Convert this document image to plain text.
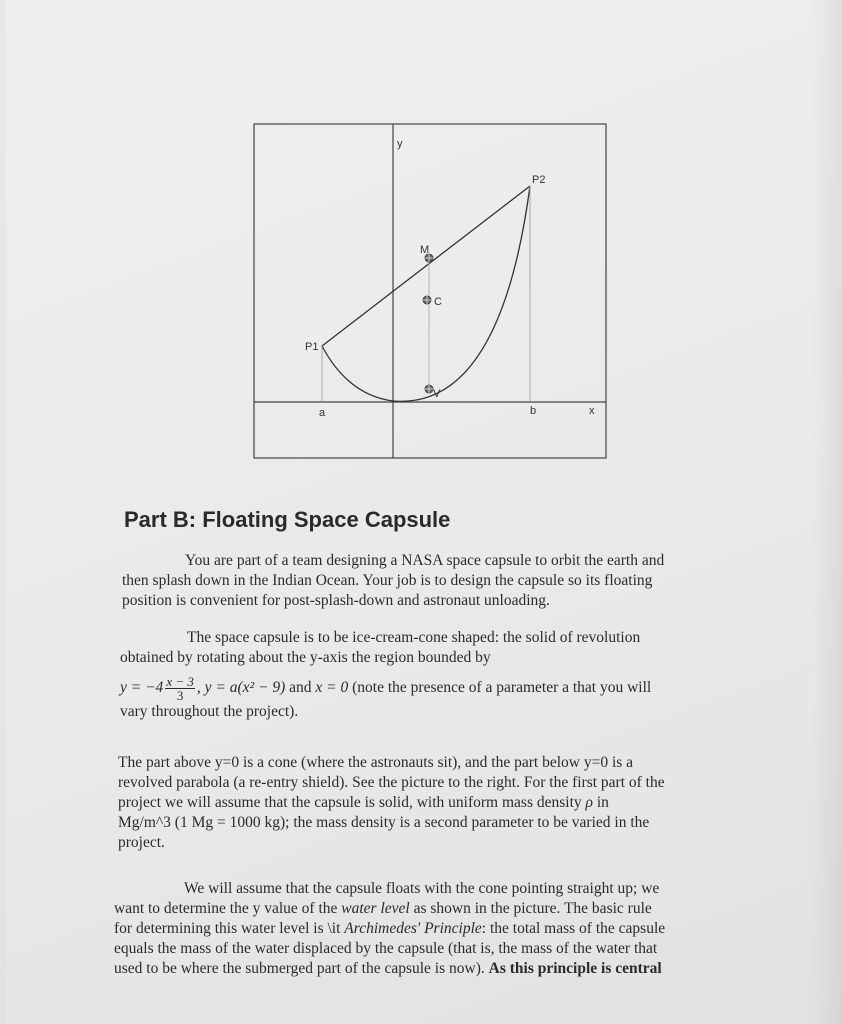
y
x
P1
P2
M
C
V
a	b
Part B: Floating Space Capsule
You are part of a team designing a NASA space capsule to orbit the earth and
then splash down in the Indian Ocean. Your job is to design the capsule so its floating
position is convenient for post-splash-down and astronaut unloading.
The space capsule is to be ice-cream-cone shaped: the solid of revolution
obtained by rotating about the y-axis the region bounded by
$y = -4 \frac{x - 3}{3}$ , y = a(x² − 9) and x = 0 (note the presence of a parameter a that you will
vary throughout the project).
The part above y=0 is a cone (where the astronauts sit), and the part below y=0 is a
revolved parabola (a re-entry shield). See the picture to the right. For the first part of the
project we will assume that the capsule is solid, with uniform mass density ρ in
Mg/m^3 (1 Mg = 1000 kg); the mass density is a second parameter to be varied in the
project.
We will assume that the capsule floats with the cone pointing straight up; we
want to determine the y value of the water level as shown in the picture. The basic rule
for determining this water level is \it Archimedes' Principle: the total mass of the capsule
equals the mass of the water displaced by the capsule (that is, the mass of the water that
used to be where the submerged part of the capsule is now). As this principle is central
